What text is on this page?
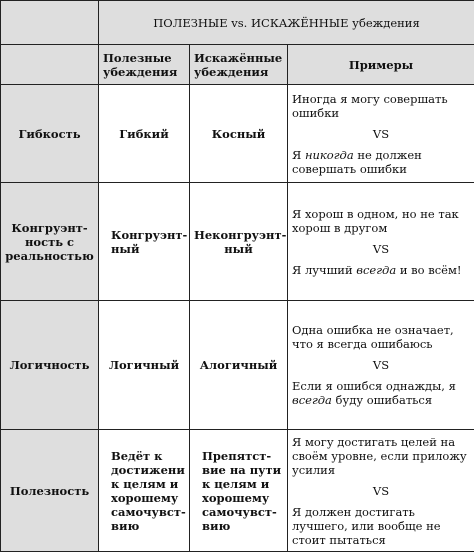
	ПОЛЕЗНЫЕ vs. ИСКАЖЁННЫЕ убеждения		
	Полезные убеждения	Искажённые убеждения	Примеры
Гибкость	Гибкий	Косный	Иногда я могу совершать ошибки

VS

Я никогда не должен совершать ошибки

Конгруэнт-ность с реальностью	Конгруэнт-ный	Неконгруэнт-ный	Я хорош в одном, но не так хорош в другом

VS

Я лучший всегда и во всём!

Логичность	Логичный	Алогичный	Одна ошибка не означает, что я всегда ошибаюсь

VS

Если я ошибся однажды, я всегда буду ошибаться

Полезность	Ведёт к достижени к целям и хорошему самочувст-вию	Препятст-вие на пути к целям и хорошему самочувст-вию	Я могу достигать целей на своём уровне, если приложу усилия

VS

Я должен достигать лучшего, или вообще не стоит пытаться
